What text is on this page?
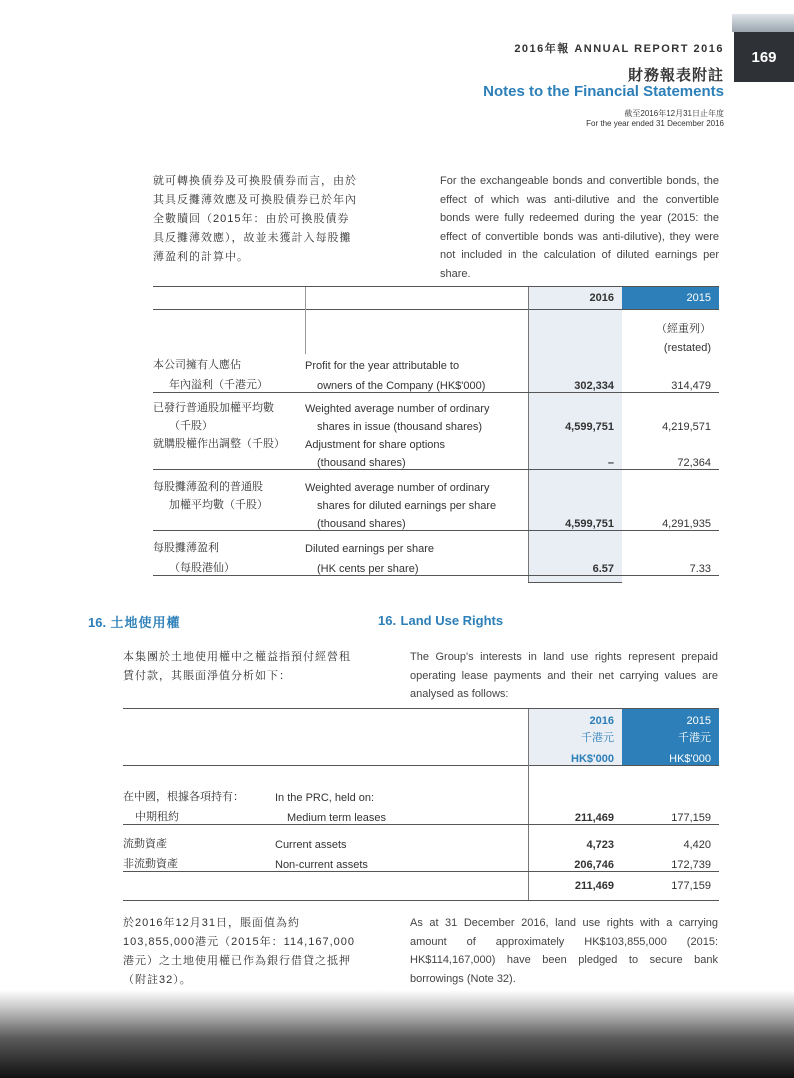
169
2016年報 ANNUAL REPORT 2016
財務報表附註
Notes to the Financial Statements
截至2016年12月31日止年度
For the year ended 31 December 2016
就可轉換債券及可換股債券而言，由於其具反攤薄效應及可換股債券已於年內全數贖回（2015年：由於可換股債券具反攤薄效應），故並未獲計入每股攤薄盈利的計算中。
For the exchangeable bonds and convertible bonds, the effect of which was anti-dilutive and the convertible bonds were fully redeemed during the year (2015: the effect of convertible bonds was anti-dilutive), they were not included in the calculation of diluted earnings per share.
		2016	2015

			（經重列）
			(restated)
本公司擁有人應佔	Profit for the year attributable to		
年內溢利（千港元）	owners of the Company (HK$'000)	302,334	314,479
已發行普通股加權平均數	Weighted average number of ordinary		
（千股）	shares in issue (thousand shares)	4,599,751	4,219,571
就購股權作出調整（千股）	Adjustment for share options		
	(thousand shares)	–	72,364
每股攤薄盈利的普通股	Weighted average number of ordinary		
加權平均數（千股）	shares for diluted earnings per share		
	(thousand shares)	4,599,751	4,291,935
每股攤薄盈利	Diluted earnings per share		
（每股港仙）	(HK cents per share)	6.57	7.33

16. 土地使用權	16. Land Use Rights
本集團於土地使用權中之權益指預付經營租賃付款，其賬面淨值分析如下：
The Group's interests in land use rights represent prepaid operating lease payments and their net carrying values are analysed as follows:
		2016	2015
		千港元	千港元
		HK$'000	HK$'000

在中國，根據各項持有：	In the PRC, held on:		
中期租約	Medium term leases	211,469	177,159
流動資產	Current assets	4,723	4,420
非流動資產	Non-current assets	206,746	172,739
		211,469	177,159
於2016年12月31日，賬面值為約103,855,000港元（2015年：114,167,000港元）之土地使用權已作為銀行借貸之抵押（附註32）。
As at 31 December 2016, land use rights with a carrying amount of approximately HK$103,855,000 (2015: HK$114,167,000) have been pledged to secure bank borrowings (Note 32).
